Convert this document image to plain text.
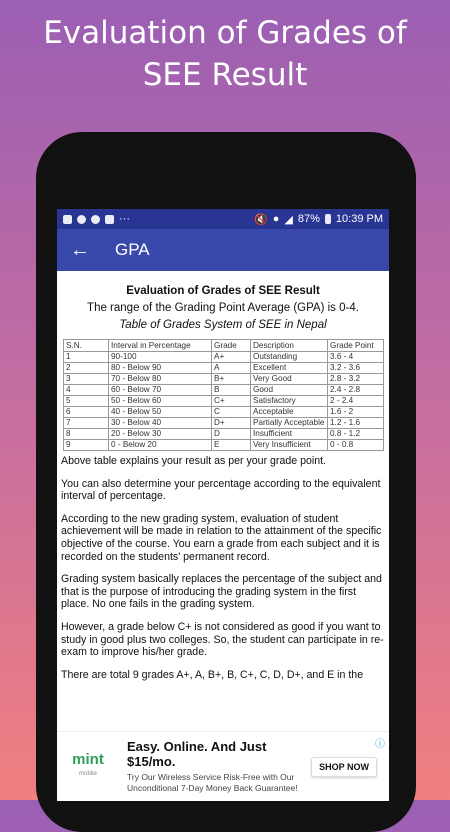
Evaluation of Grades of
SEE Result
···	🔇 ● ◢ 87% 10:39 PM
←	GPA
Evaluation of Grades of SEE Result
The range of the Grading Point Average (GPA) is 0-4.
Table of Grades System of SEE in Nepal
S.N.	Interval in Percentage	Grade	Description	Grade Point
1	90-100	A+	Outstanding	3.6 - 4
2	80 - Below 90	A	Excellent	3.2 - 3.6
3	70 - Below 80	B+	Very Good	2.8 - 3.2
4	60 - Below 70	B	Good	2.4 - 2.8
5	50 - Below 60	C+	Satisfactory	2 - 2.4
6	40 - Below 50	C	Acceptable	1.6 - 2
7	30 - Below 40	D+	Partially Acceptable	1.2 - 1.6
8	20 - Below 30	D	Insufficient	0.8 - 1.2
9	0 - Below 20	E	Very Insufficient	0 - 0.8
Above table explains your result as per your grade point.
You can also determine your percentage according to the equivalent interval of percentage.
According to the new grading system, evaluation of student achievement will be made in relation to the attainment of the specific objective of the course. You earn a grade from each subject and it is recorded on the students' permanent record.
Grading system basically replaces the percentage of the subject and that is the purpose of introducing the grading system in the first place. No one fails in the grading system.
However, a grade below C+ is not considered as good if you want to study in good plus two colleges. So, the student can participate in re-exam to improve his/her grade.
There are total 9 grades A+, A, B+, B, C+, C, D, D+, and E in the
mint
mobile
Easy. Online. And Just $15/mo.
Try Our Wireless Service Risk-Free with Our Unconditional 7-Day Money Back Guarantee!
SHOP NOW
ⓘ
